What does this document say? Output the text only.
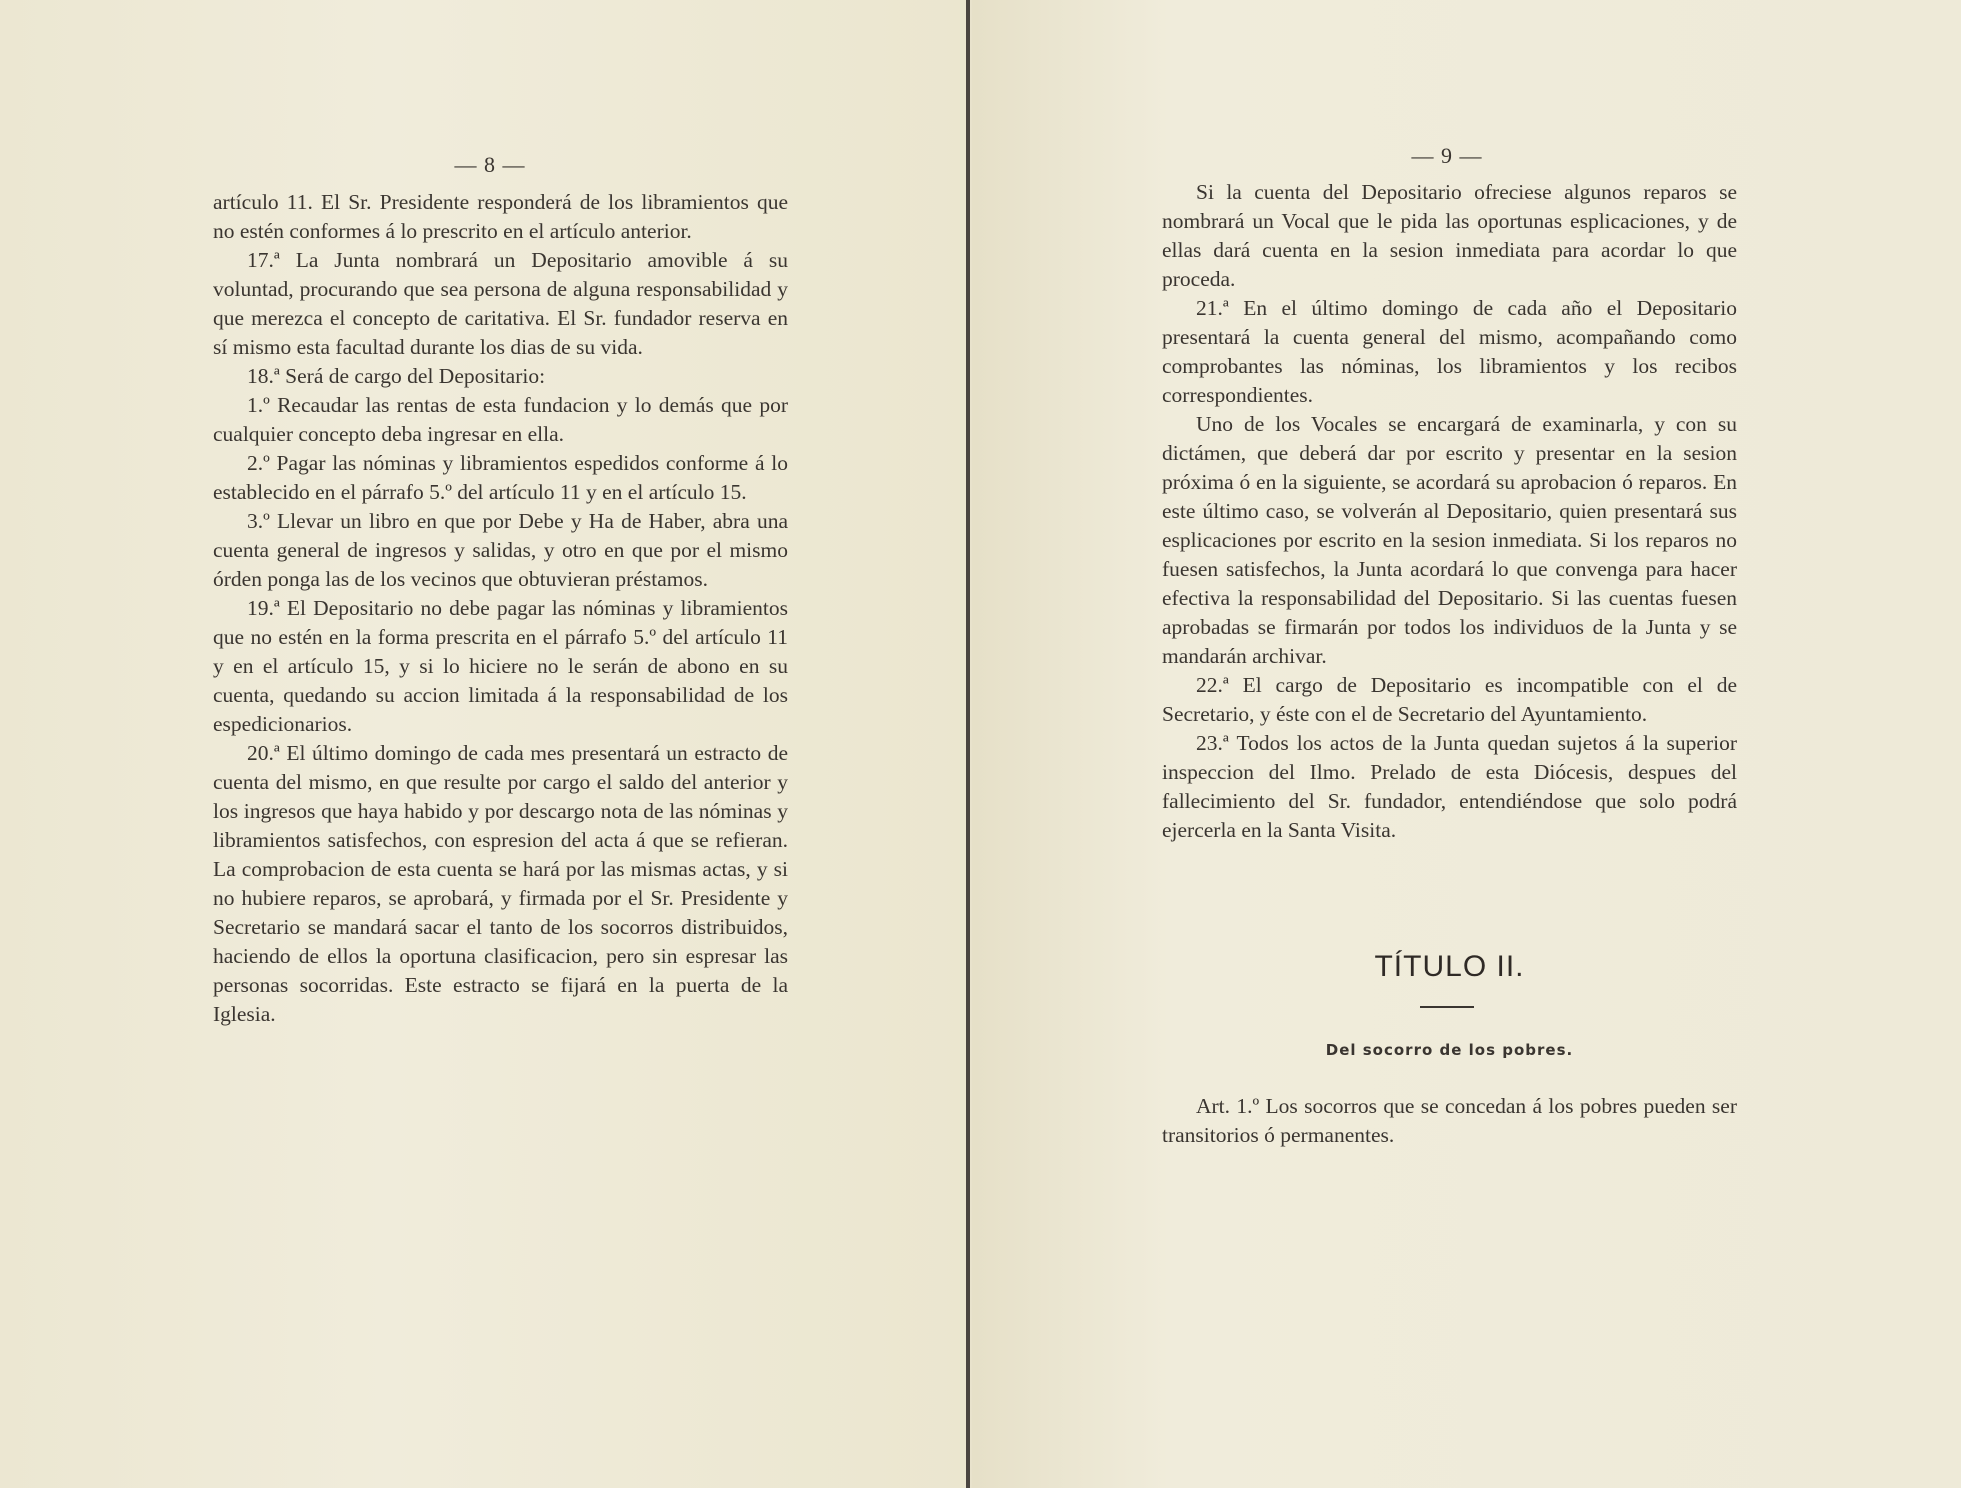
— 8 —

artículo 11. El Sr. Presidente responderá de los libramientos que no estén conformes á lo prescrito en el artículo anterior.

17.ª La Junta nombrará un Depositario amovible á su voluntad, procurando que sea persona de alguna responsabilidad y que merezca el concepto de caritativa. El Sr. fundador reserva en sí mismo esta facultad durante los dias de su vida.

18.ª Será de cargo del Depositario:

1.º Recaudar las rentas de esta fundacion y lo demás que por cualquier concepto deba ingresar en ella.

2.º Pagar las nóminas y libramientos espedidos conforme á lo establecido en el párrafo 5.º del artículo 11 y en el artículo 15.

3.º Llevar un libro en que por Debe y Ha de Haber, abra una cuenta general de ingresos y salidas, y otro en que por el mismo órden ponga las de los vecinos que obtuvieran préstamos.

19.ª El Depositario no debe pagar las nóminas y libramientos que no estén en la forma prescrita en el párrafo 5.º del artículo 11 y en el artículo 15, y si lo hiciere no le serán de abono en su cuenta, quedando su accion limitada á la responsabilidad de los espedicionarios.

20.ª El último domingo de cada mes presentará un estracto de cuenta del mismo, en que resulte por cargo el saldo del anterior y los ingresos que haya habido y por descargo nota de las nóminas y libramientos satisfechos, con espresion del acta á que se refieran. La comprobacion de esta cuenta se hará por las mismas actas, y si no hubiere reparos, se aprobará, y firmada por el Sr. Presidente y Secretario se mandará sacar el tanto de los socorros distribuidos, haciendo de ellos la oportuna clasificacion, pero sin espresar las personas socorridas. Este estracto se fijará en la puerta de la Iglesia.

— 9 —

Si la cuenta del Depositario ofreciese algunos reparos se nombrará un Vocal que le pida las oportunas esplicaciones, y de ellas dará cuenta en la sesion inmediata para acordar lo que proceda.

21.ª En el último domingo de cada año el Depositario presentará la cuenta general del mismo, acompañando como comprobantes las nóminas, los libramientos y los recibos correspondientes.

Uno de los Vocales se encargará de examinarla, y con su dictámen, que deberá dar por escrito y presentar en la sesion próxima ó en la siguiente, se acordará su aprobacion ó reparos. En este último caso, se volverán al Depositario, quien presentará sus esplicaciones por escrito en la sesion inmediata. Si los reparos no fuesen satisfechos, la Junta acordará lo que convenga para hacer efectiva la responsabilidad del Depositario. Si las cuentas fuesen aprobadas se firmarán por todos los individuos de la Junta y se mandarán archivar.

22.ª El cargo de Depositario es incompatible con el de Secretario, y éste con el de Secretario del Ayuntamiento.

23.ª Todos los actos de la Junta quedan sujetos á la superior inspeccion del Ilmo. Prelado de esta Diócesis, despues del fallecimiento del Sr. fundador, entendiéndose que solo podrá ejercerla en la Santa Visita.

TÍTULO II.
Del socorro de los pobres.

Art. 1.º Los socorros que se concedan á los pobres pueden ser transitorios ó permanentes.
